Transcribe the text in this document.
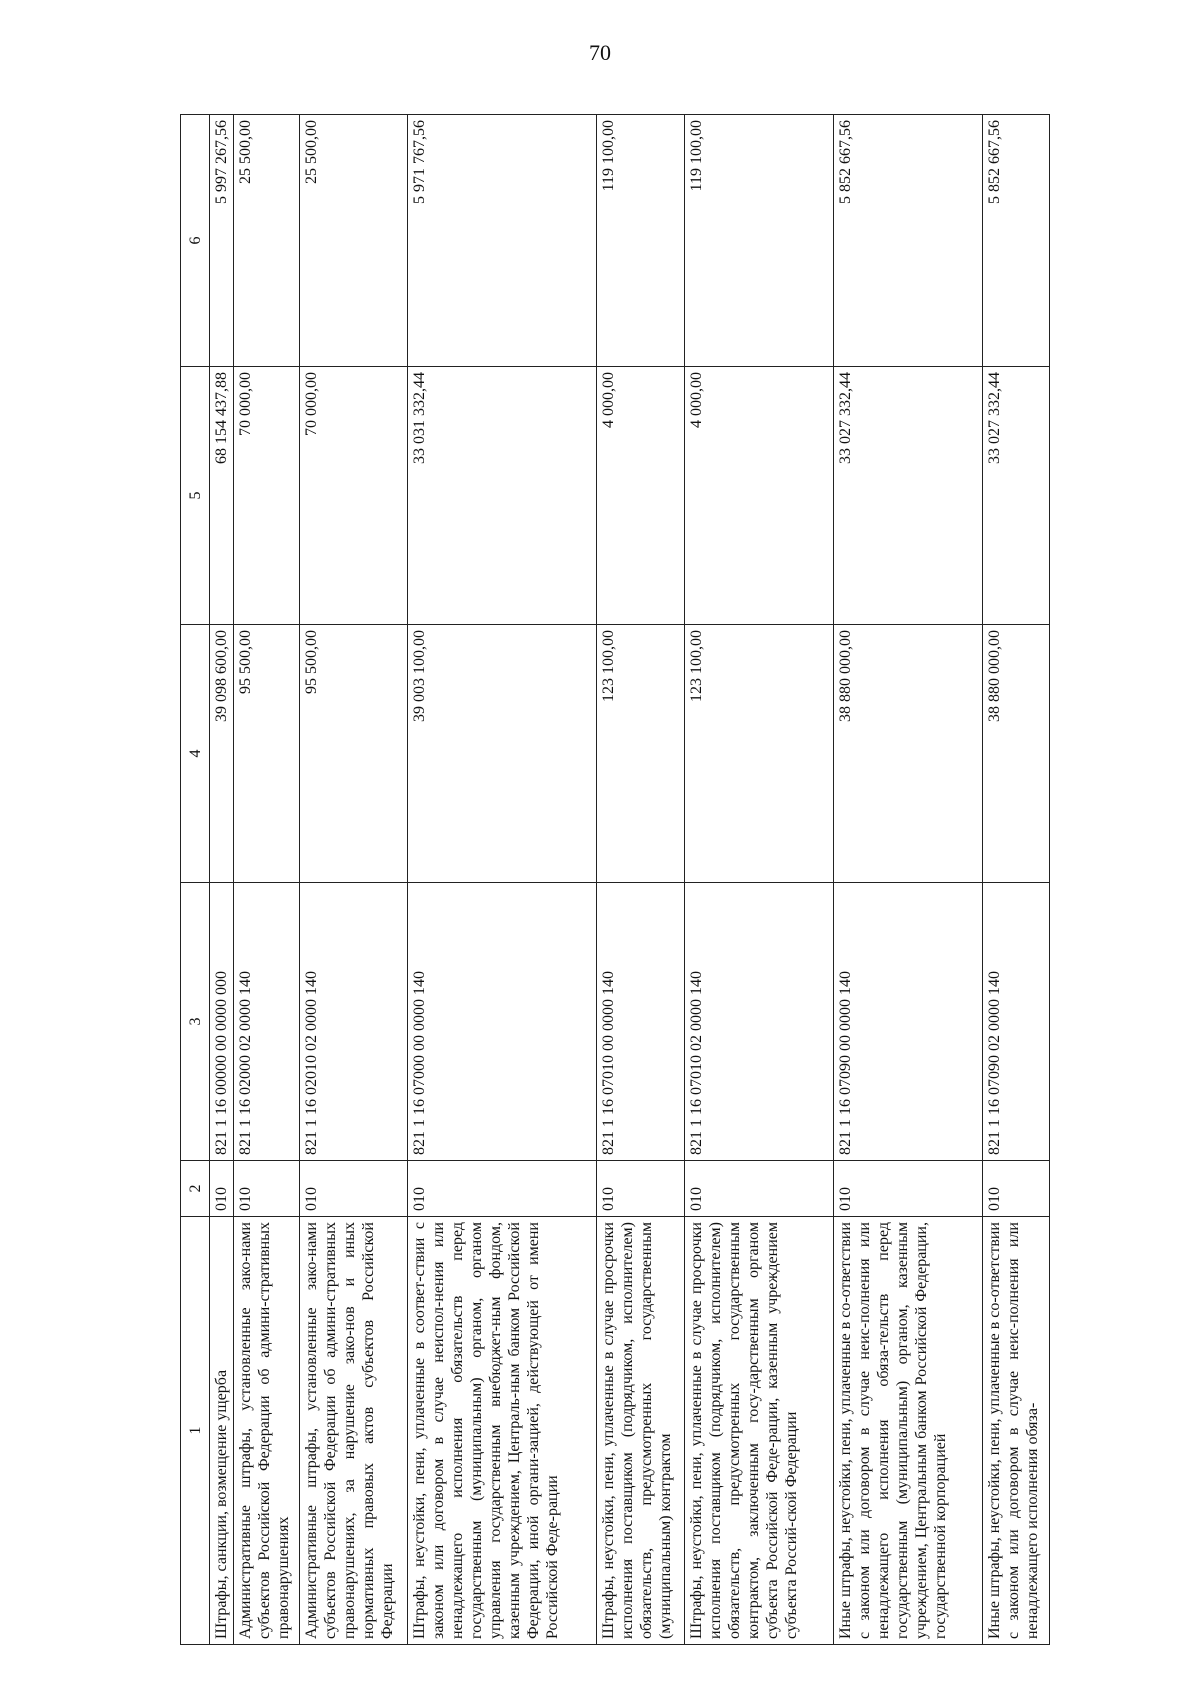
70
1	2	3	4	5	6
Штрафы, санкции, возмещение ущерба	010	821 1 16 00000 00 0000 000	39 098 600,00	68 154 437,88	5 997 267,56
Административные штрафы, установленные зако-нами субъектов Российской Федерации об админи-стративных правонарушениях	010	821 1 16 02000 02 0000 140	95 500,00	70 000,00	25 500,00
Административные штрафы, установленные зако-нами субъектов Российской Федерации об админи-стративных правонарушениях, за нарушение зако-нов и иных нормативных правовых актов субъектов Российской Федерации	010	821 1 16 02010 02 0000 140	95 500,00	70 000,00	25 500,00
Штрафы, неустойки, пени, уплаченные в соответ-ствии с законом или договором в случае неиспол-нения или ненадлежащего исполнения обязательств перед государственным (муниципальным) органом, органом управления государственным внебюджет-ным фондом, казенным учреждением, Централь-ным банком Российской Федерации, иной органи-зацией, действующей от имени Российской Феде-рации	010	821 1 16 07000 00 0000 140	39 003 100,00	33 031 332,44	5 971 767,56
Штрафы, неустойки, пени, уплаченные в случае просрочки исполнения поставщиком (подрядчиком, исполнителем) обязательств, предусмотренных государственным (муниципальным) контрактом	010	821 1 16 07010 00 0000 140	123 100,00	4 000,00	119 100,00
Штрафы, неустойки, пени, уплаченные в случае просрочки исполнения поставщиком (подрядчиком, исполнителем) обязательств, предусмотренных государственным контрактом, заключенным госу-дарственным органом субъекта Российской Феде-рации, казенным учреждением субъекта Россий-ской Федерации	010	821 1 16 07010 02 0000 140	123 100,00	4 000,00	119 100,00
Иные штрафы, неустойки, пени, уплаченные в со-ответствии с законом или договором в случае неис-полнения или ненадлежащего исполнения обяза-тельств перед государственным (муниципальным) органом, казенным учреждением, Центральным банком Российской Федерации, государственной корпорацией	010	821 1 16 07090 00 0000 140	38 880 000,00	33 027 332,44	5 852 667,56
Иные штрафы, неустойки, пени, уплаченные в со-ответствии с законом или договором в случае неис-полнения или ненадлежащего исполнения обяза-	010	821 1 16 07090 02 0000 140	38 880 000,00	33 027 332,44	5 852 667,56
